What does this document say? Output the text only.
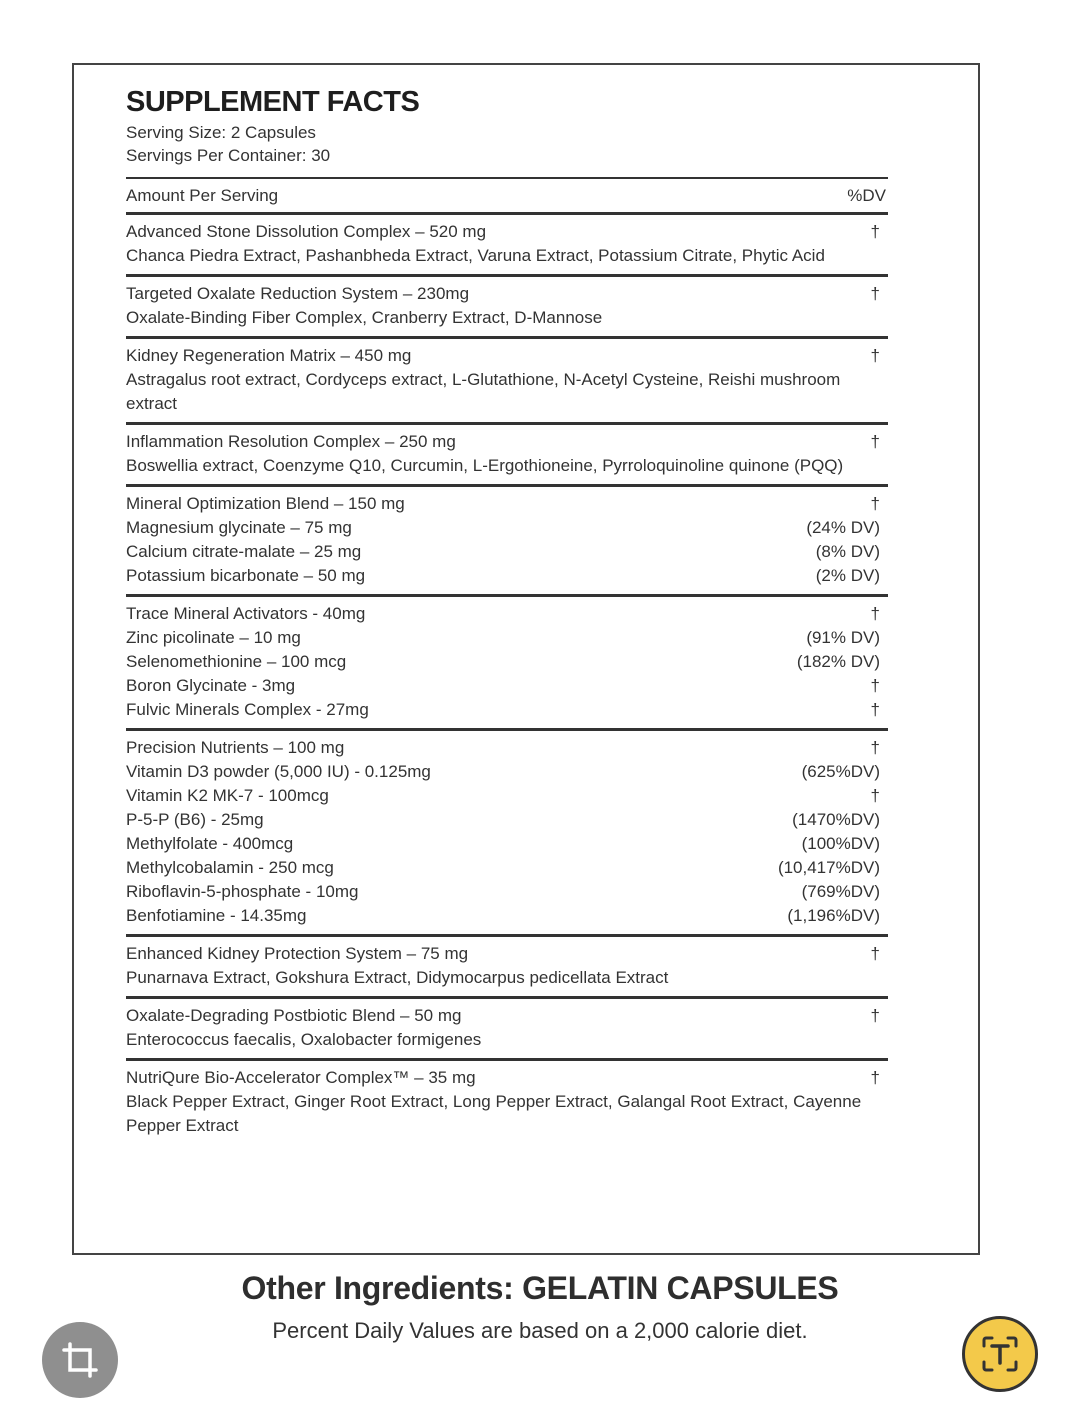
SUPPLEMENT FACTS
Serving Size: 2 Capsules
Servings Per Container: 30
Amount Per Serving	%DV
Advanced Stone Dissolution Complex – 520 mg	†
Chanca Piedra Extract, Pashanbheda Extract, Varuna Extract, Potassium Citrate, Phytic Acid
Targeted Oxalate Reduction System – 230mg	†
Oxalate-Binding Fiber Complex, Cranberry Extract, D-Mannose
Kidney Regeneration Matrix – 450 mg	†
Astragalus root extract, Cordyceps extract, L-Glutathione, N-Acetyl Cysteine, Reishi mushroom extract
Inflammation Resolution Complex – 250 mg	†
Boswellia extract, Coenzyme Q10, Curcumin, L-Ergothioneine, Pyrroloquinoline quinone (PQQ)
Mineral Optimization Blend – 150 mg	†
Magnesium glycinate – 75 mg	(24% DV)
Calcium citrate-malate – 25 mg	(8% DV)
Potassium bicarbonate – 50 mg	(2% DV)
Trace Mineral Activators - 40mg	†
Zinc picolinate – 10 mg	(91% DV)
Selenomethionine – 100 mcg	(182% DV)
Boron Glycinate - 3mg	†
Fulvic Minerals Complex - 27mg	†
Precision Nutrients – 100 mg	†
Vitamin D3 powder (5,000 IU) - 0.125mg	(625%DV)
Vitamin K2 MK-7 - 100mcg	†
P-5-P (B6) - 25mg	(1470%DV)
Methylfolate - 400mcg	(100%DV)
Methylcobalamin - 250 mcg	(10,417%DV)
Riboflavin-5-phosphate - 10mg	(769%DV)
Benfotiamine - 14.35mg	(1,196%DV)
Enhanced Kidney Protection System – 75 mg	†
Punarnava Extract, Gokshura Extract, Didymocarpus pedicellata Extract
Oxalate-Degrading Postbiotic Blend – 50 mg	†
Enterococcus faecalis, Oxalobacter formigenes
NutriQure Bio-Accelerator Complex™ – 35 mg	†
Black Pepper Extract, Ginger Root Extract, Long Pepper Extract, Galangal Root Extract, Cayenne Pepper Extract
Other Ingredients: GELATIN CAPSULES
Percent Daily Values are based on a 2,000 calorie diet.
